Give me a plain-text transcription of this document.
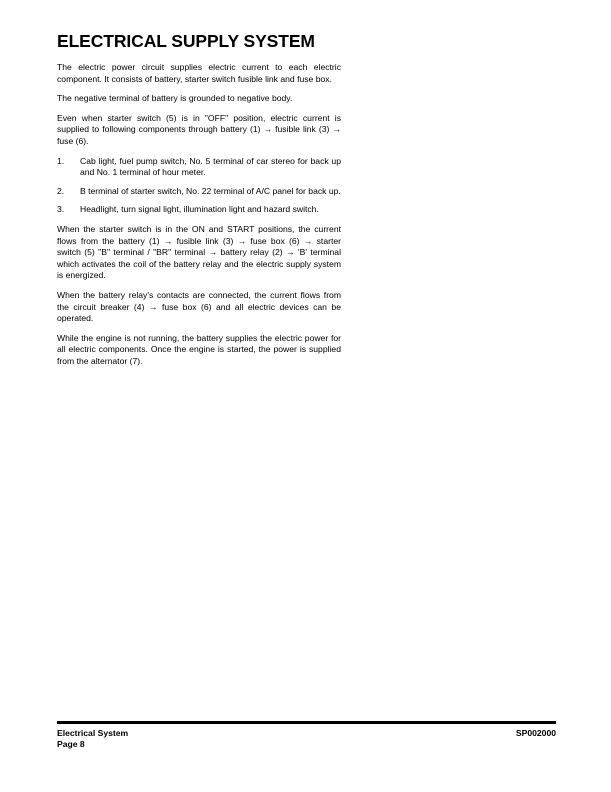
ELECTRICAL SUPPLY SYSTEM

The electric power circuit supplies electric current to each electric component. It consists of battery, starter switch fusible link and fuse box.

The negative terminal of battery is grounded to negative body.

Even when starter switch (5) is in "OFF" position, electric current is supplied to following components through battery (1) → fusible link (3) → fuse (6).

1. Cab light, fuel pump switch, No. 5 terminal of car stereo for back up and No. 1 terminal of hour meter.
2. B terminal of starter switch, No. 22 terminal of A/C panel for back up.
3. Headlight, turn signal light, illumination light and hazard switch.

When the starter switch is in the ON and START positions, the current flows from the battery (1) → fusible link (3) → fuse box (6) → starter switch (5) "B" terminal / "BR" terminal → battery relay (2) → 'B' terminal which activates the coil of the battery relay and the electric supply system is energized.

When the battery relay's contacts are connected, the current flows from the circuit breaker (4) → fuse box (6) and all electric devices can be operated.

While the engine is not running, the battery supplies the electric power for all electric components. Once the engine is started, the power is supplied from the alternator (7).

Electrical System
Page 8
SP002000
